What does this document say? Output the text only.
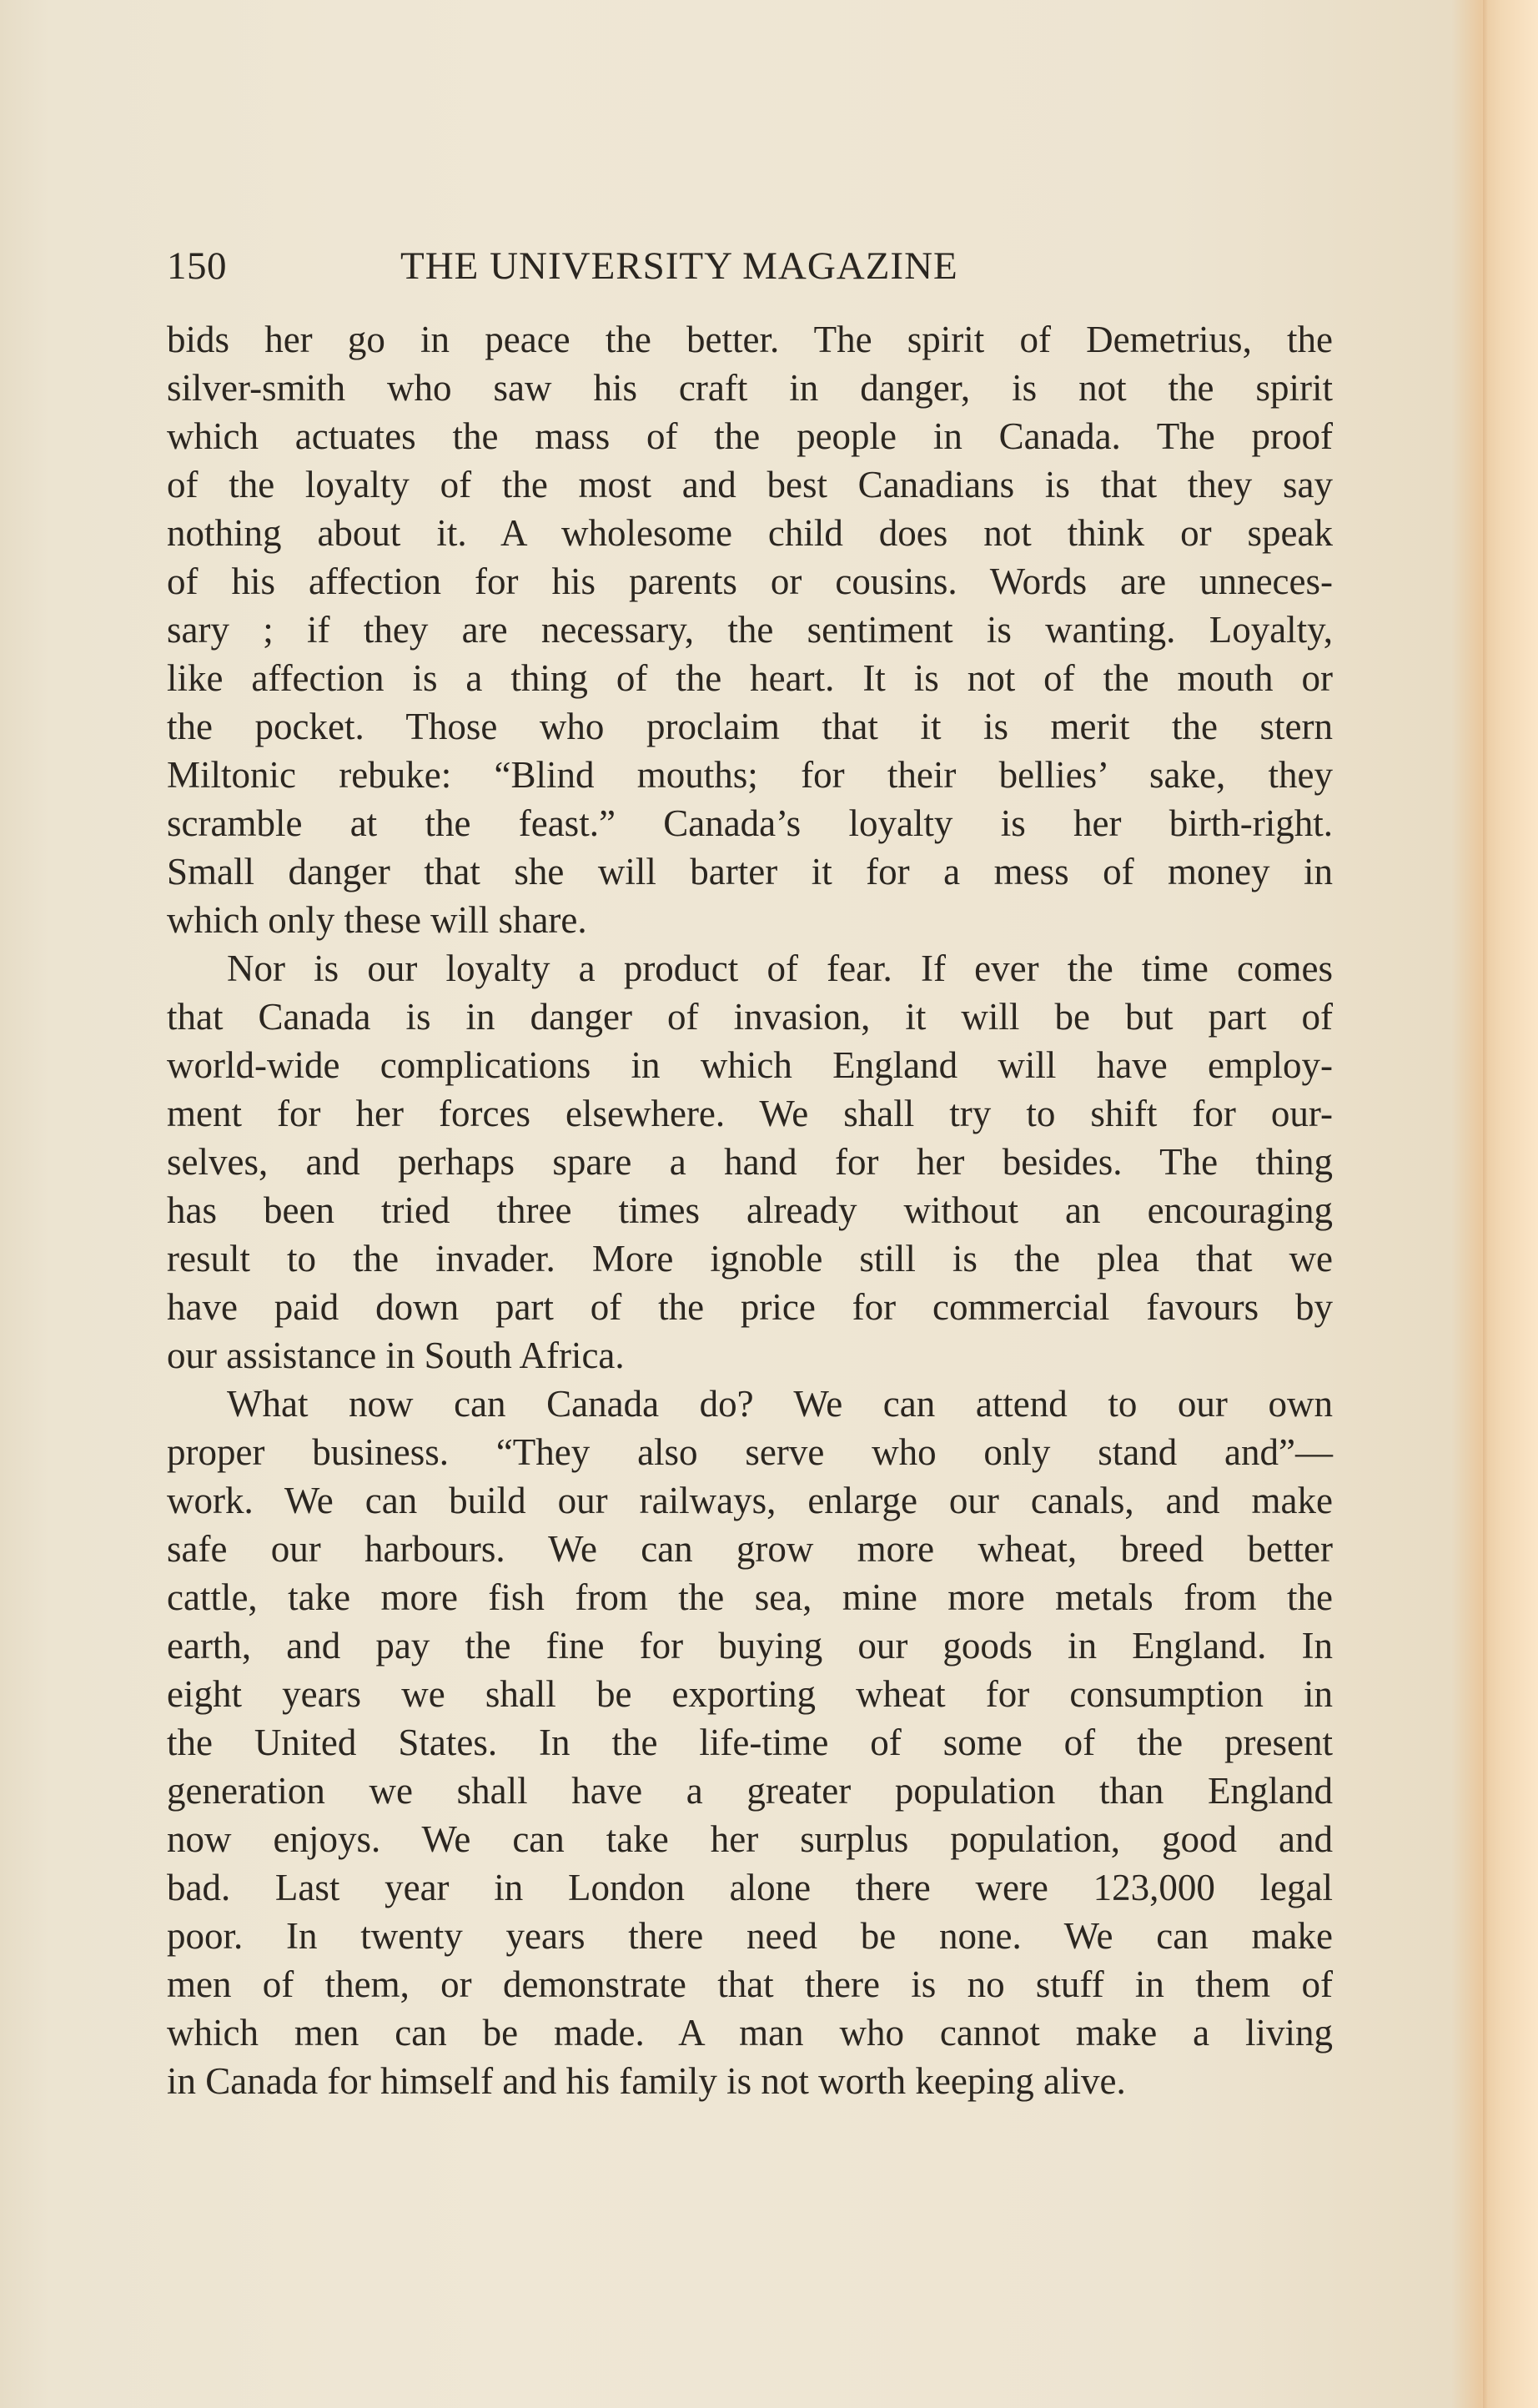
150	THE UNIVERSITY MAGAZINE
bids her go in peace the better. The spirit of Demetrius, the
silver-smith who saw his craft in danger, is not the spirit
which actuates the mass of the people in Canada. The proof
of the loyalty of the most and best Canadians is that they say
nothing about it. A wholesome child does not think or speak
of his affection for his parents or cousins. Words are unneces-
sary ; if they are necessary, the sentiment is wanting. Loyalty,
like affection is a thing of the heart. It is not of the mouth or
the pocket. Those who proclaim that it is merit the stern
Miltonic rebuke: “Blind mouths; for their bellies’ sake, they
scramble at the feast.” Canada’s loyalty is her birth-right.
Small danger that she will barter it for a mess of money in
which only these will share.
Nor is our loyalty a product of fear. If ever the time comes
that Canada is in danger of invasion, it will be but part of
world-wide complications in which England will have employ-
ment for her forces elsewhere. We shall try to shift for our-
selves, and perhaps spare a hand for her besides. The thing
has been tried three times already without an encouraging
result to the invader. More ignoble still is the plea that we
have paid down part of the price for commercial favours by
our assistance in South Africa.
What now can Canada do? We can attend to our own
proper business. “They also serve who only stand and”—
work. We can build our railways, enlarge our canals, and make
safe our harbours. We can grow more wheat, breed better
cattle, take more fish from the sea, mine more metals from the
earth, and pay the fine for buying our goods in England. In
eight years we shall be exporting wheat for consumption in
the United States. In the life-time of some of the present
generation we shall have a greater population than England
now enjoys. We can take her surplus population, good and
bad. Last year in London alone there were 123,000 legal
poor. In twenty years there need be none. We can make
men of them, or demonstrate that there is no stuff in them of
which men can be made. A man who cannot make a living
in Canada for himself and his family is not worth keeping alive.
